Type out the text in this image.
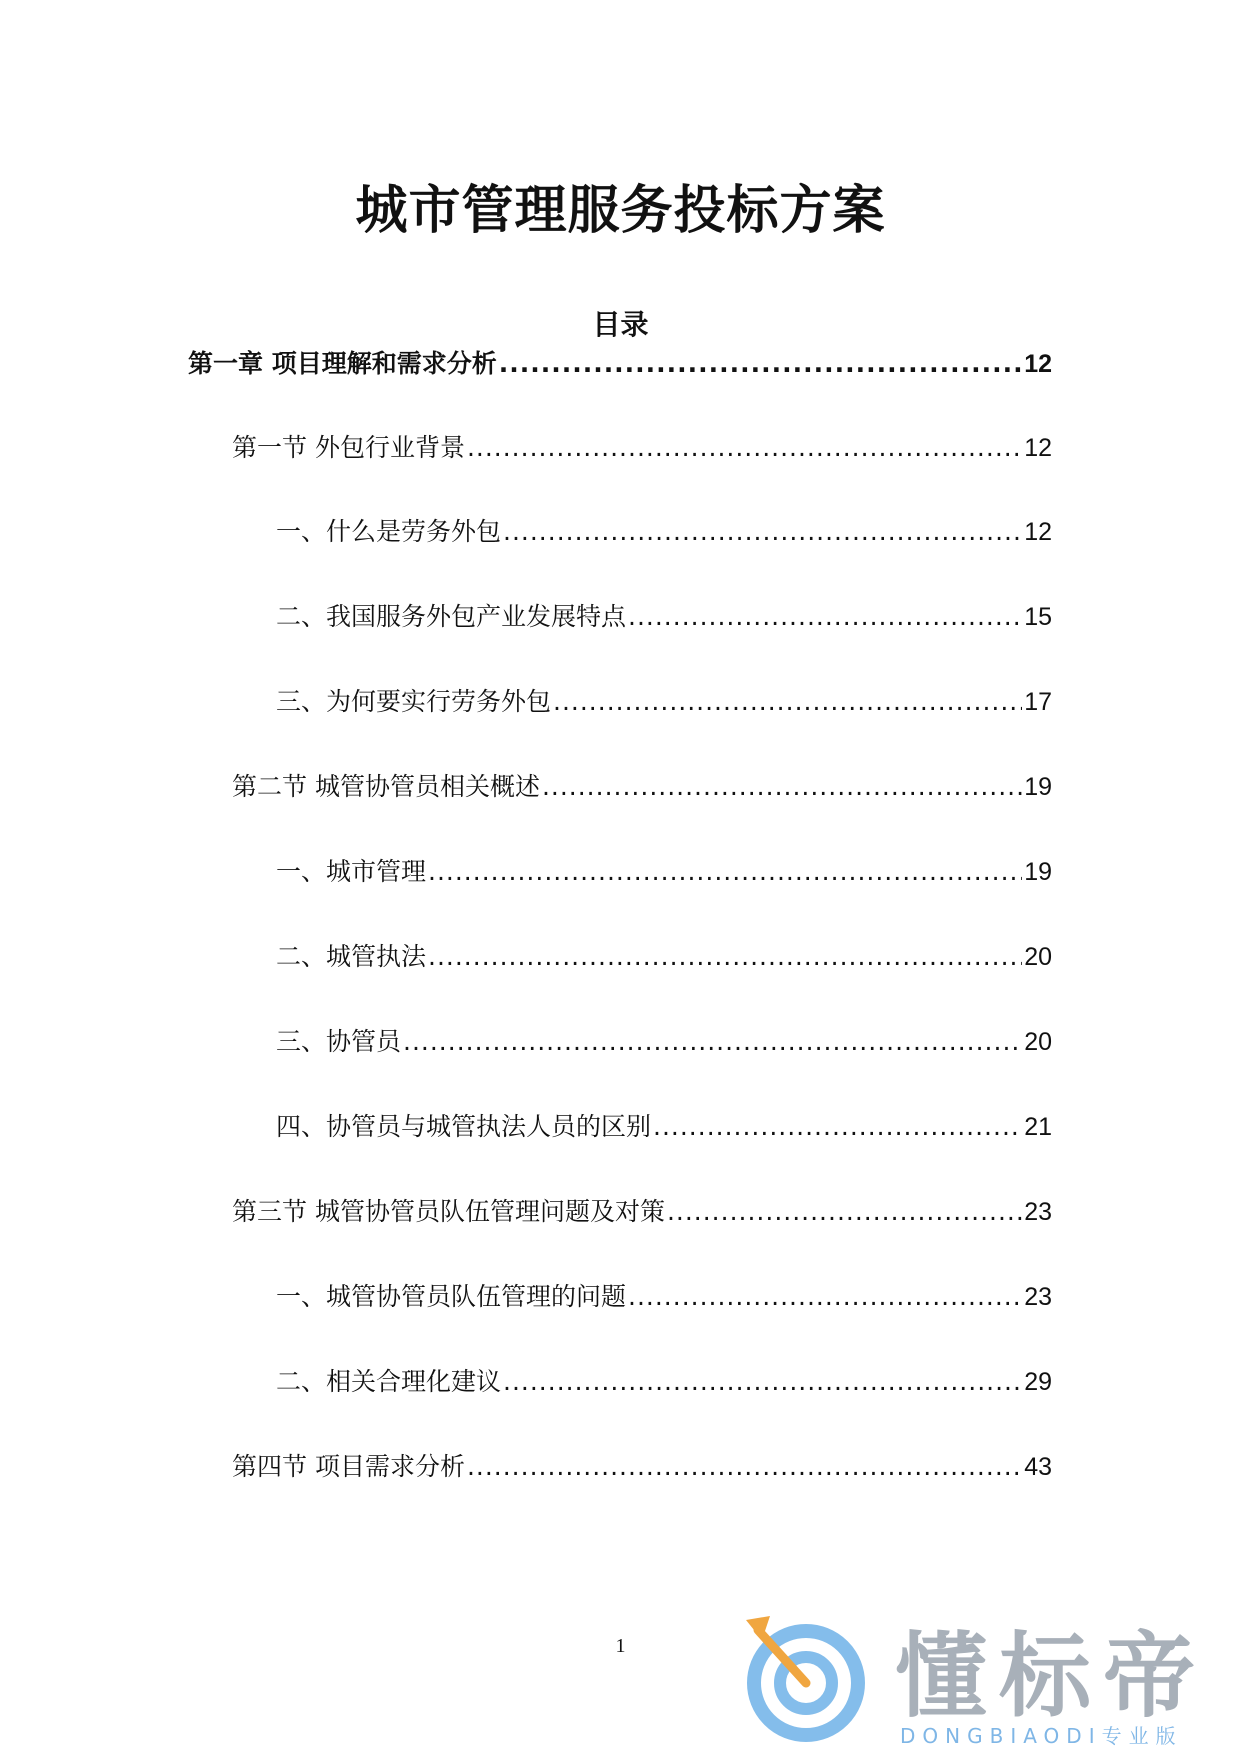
城市管理服务投标方案
目录
第一章 项目理解和需求分析 .....	12
第一节 外包行业背景 .....	12
一、什么是劳务外包 .....	12
二、我国服务外包产业发展特点 .....	15
三、为何要实行劳务外包 .....	17
第二节 城管协管员相关概述 .....	19
一、城市管理 .....	19
二、城管执法 .....	20
三、协管员 .....	20
四、协管员与城管执法人员的区别 .....	21
第三节 城管协管员队伍管理问题及对策 .....	23
一、城管协管员队伍管理的问题 .....	23
二、相关合理化建议 .....	29
第四节 项目需求分析 .....	43
1	懂标帝
DONGBIAODI专业版
